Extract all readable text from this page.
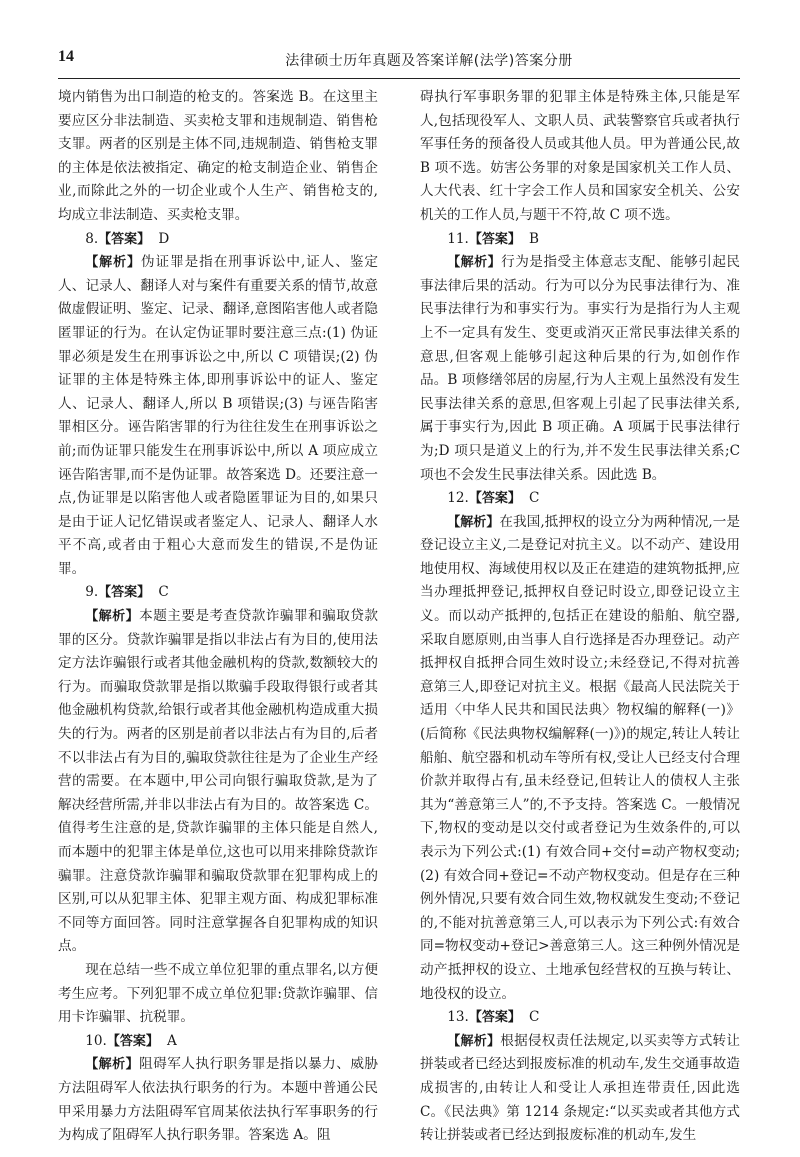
14	法律硕士历年真题及答案详解(法学)答案分册

境内销售为出口制造的枪支的。答案选 B。在这里主要应区分非法制造、买卖枪支罪和违规制造、销售枪支罪。两者的区别是主体不同,违规制造、销售枪支罪的主体是依法被指定、确定的枪支制造企业、销售企业,而除此之外的一切企业或个人生产、销售枪支的,均成立非法制造、买卖枪支罪。

8.【答案】 D

【解析】伪证罪是指在刑事诉讼中,证人、鉴定人、记录人、翻译人对与案件有重要关系的情节,故意做虚假证明、鉴定、记录、翻译,意图陷害他人或者隐匿罪证的行为。在认定伪证罪时要注意三点:(1) 伪证罪必须是发生在刑事诉讼之中,所以 C 项错误;(2) 伪证罪的主体是特殊主体,即刑事诉讼中的证人、鉴定人、记录人、翻译人,所以 B 项错误;(3) 与诬告陷害罪相区分。诬告陷害罪的行为往往发生在刑事诉讼之前;而伪证罪只能发生在刑事诉讼中,所以 A 项应成立诬告陷害罪,而不是伪证罪。故答案选 D。还要注意一点,伪证罪是以陷害他人或者隐匿罪证为目的,如果只是由于证人记忆错误或者鉴定人、记录人、翻译人水平不高,或者由于粗心大意而发生的错误,不是伪证罪。

9.【答案】 C

【解析】本题主要是考查贷款诈骗罪和骗取贷款罪的区分。贷款诈骗罪是指以非法占有为目的,使用法定方法诈骗银行或者其他金融机构的贷款,数额较大的行为。而骗取贷款罪是指以欺骗手段取得银行或者其他金融机构贷款,给银行或者其他金融机构造成重大损失的行为。两者的区别是前者以非法占有为目的,后者不以非法占有为目的,骗取贷款往往是为了企业生产经营的需要。在本题中,甲公司向银行骗取贷款,是为了解决经营所需,并非以非法占有为目的。故答案选 C。值得考生注意的是,贷款诈骗罪的主体只能是自然人,而本题中的犯罪主体是单位,这也可以用来排除贷款诈骗罪。注意贷款诈骗罪和骗取贷款罪在犯罪构成上的区别,可以从犯罪主体、犯罪主观方面、构成犯罪标准不同等方面回答。同时注意掌握各自犯罪构成的知识点。

现在总结一些不成立单位犯罪的重点罪名,以方便考生应考。下列犯罪不成立单位犯罪:贷款诈骗罪、信用卡诈骗罪、抗税罪。

10.【答案】 A

【解析】阻碍军人执行职务罪是指以暴力、威胁方法阻碍军人依法执行职务的行为。本题中普通公民甲采用暴力方法阻碍军官周某依法执行军事职务的行为构成了阻碍军人执行职务罪。答案选 A。阻

碍执行军事职务罪的犯罪主体是特殊主体,只能是军人,包括现役军人、文职人员、武装警察官兵或者执行军事任务的预备役人员或其他人员。甲为普通公民,故 B 项不选。妨害公务罪的对象是国家机关工作人员、人大代表、红十字会工作人员和国家安全机关、公安机关的工作人员,与题干不符,故 C 项不选。

11.【答案】 B

【解析】行为是指受主体意志支配、能够引起民事法律后果的活动。行为可以分为民事法律行为、准民事法律行为和事实行为。事实行为是指行为人主观上不一定具有发生、变更或消灭正常民事法律关系的意思,但客观上能够引起这种后果的行为,如创作作品。B 项修缮邻居的房屋,行为人主观上虽然没有发生民事法律关系的意思,但客观上引起了民事法律关系,属于事实行为,因此 B 项正确。A 项属于民事法律行为;D 项只是道义上的行为,并不发生民事法律关系;C 项也不会发生民事法律关系。因此选 B。

12.【答案】 C

【解析】在我国,抵押权的设立分为两种情况,一是登记设立主义,二是登记对抗主义。以不动产、建设用地使用权、海域使用权以及正在建造的建筑物抵押,应当办理抵押登记,抵押权自登记时设立,即登记设立主义。而以动产抵押的,包括正在建设的船舶、航空器,采取自愿原则,由当事人自行选择是否办理登记。动产抵押权自抵押合同生效时设立;未经登记,不得对抗善意第三人,即登记对抗主义。根据《最高人民法院关于适用〈中华人民共和国民法典〉物权编的解释(一)》(后简称《民法典物权编解释(一)》)的规定,转让人转让船舶、航空器和机动车等所有权,受让人已经支付合理价款并取得占有,虽未经登记,但转让人的债权人主张其为“善意第三人”的,不予支持。答案选 C。一般情况下,物权的变动是以交付或者登记为生效条件的,可以表示为下列公式:(1) 有效合同+交付=动产物权变动;(2) 有效合同+登记=不动产物权变动。但是存在三种例外情况,只要有效合同生效,物权就发生变动;不登记的,不能对抗善意第三人,可以表示为下列公式:有效合同=物权变动+登记>善意第三人。这三种例外情况是动产抵押权的设立、土地承包经营权的互换与转让、地役权的设立。

13.【答案】 C

【解析】根据侵权责任法规定,以买卖等方式转让拼装或者已经达到报废标准的机动车,发生交通事故造成损害的,由转让人和受让人承担连带责任,因此选 C。《民法典》第 1214 条规定:“以买卖或者其他方式转让拼装或者已经达到报废标准的机动车,发生
